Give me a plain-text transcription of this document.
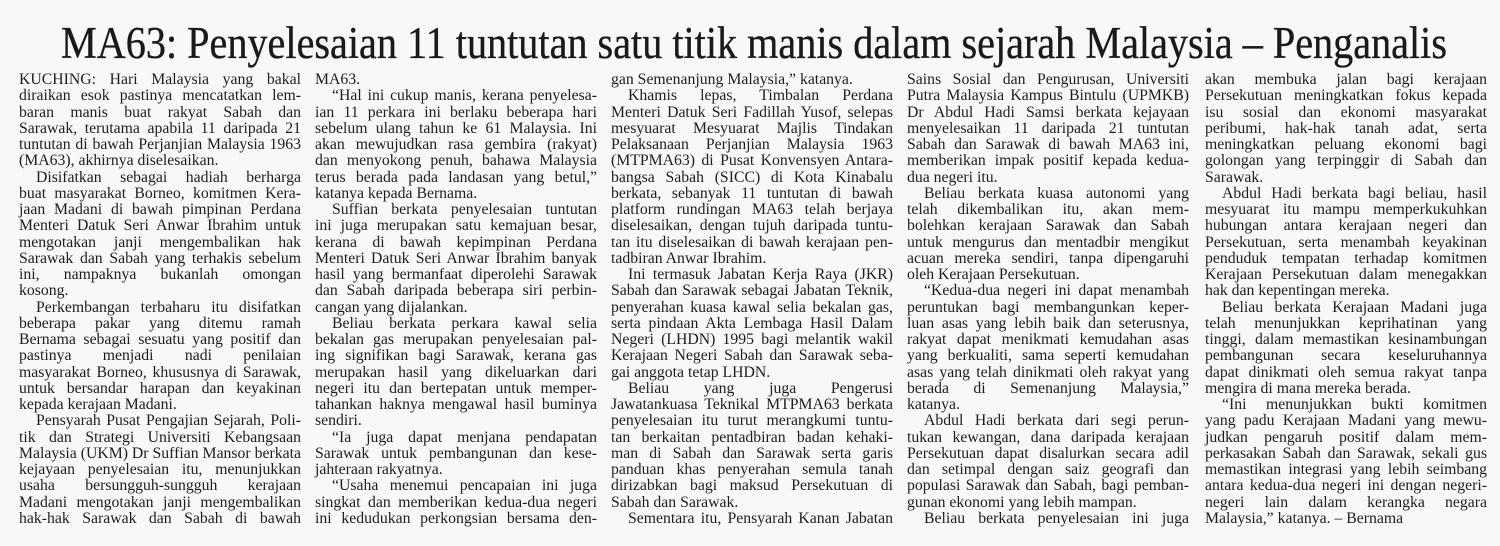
MA63: Penyelesaian 11 tuntutan satu titik manis dalam sejarah Malaysia – Penganalis
KUCHING: Hari Malaysia yang bakal
diraikan esok pastinya mencatatkan lem-
baran manis buat rakyat Sabah dan
Sarawak, terutama apabila 11 daripada 21
tuntutan di bawah Perjanjian Malaysia 1963
(MA63), akhirnya diselesaikan.
Disifatkan sebagai hadiah berharga
buat masyarakat Borneo, komitmen Kera-
jaan Madani di bawah pimpinan Perdana
Menteri Datuk Seri Anwar Ibrahim untuk
mengotakan janji mengembalikan hak
Sarawak dan Sabah yang terhakis sebelum
ini, nampaknya bukanlah omongan
kosong.
Perkembangan terbaharu itu disifatkan
beberapa pakar yang ditemu ramah
Bernama sebagai sesuatu yang positif dan
pastinya menjadi nadi penilaian
masyarakat Borneo, khususnya di Sarawak,
untuk bersandar harapan dan keyakinan
kepada kerajaan Madani.
Pensyarah Pusat Pengajian Sejarah, Poli-
tik dan Strategi Universiti Kebangsaan
Malaysia (UKM) Dr Suffian Mansor berkata
kejayaan penyelesaian itu, menunjukkan
usaha bersungguh-sungguh kerajaan
Madani mengotakan janji mengembalikan
hak-hak Sarawak dan Sabah di bawah
MA63.
“Hal ini cukup manis, kerana penyelesa-
ian 11 perkara ini berlaku beberapa hari
sebelum ulang tahun ke 61 Malaysia. Ini
akan mewujudkan rasa gembira (rakyat)
dan menyokong penuh, bahawa Malaysia
terus berada pada landasan yang betul,”
katanya kepada Bernama.
Suffian berkata penyelesaian tuntutan
ini juga merupakan satu kemajuan besar,
kerana di bawah kepimpinan Perdana
Menteri Datuk Seri Anwar Ibrahim banyak
hasil yang bermanfaat diperolehi Sarawak
dan Sabah daripada beberapa siri perbin-
cangan yang dijalankan.
Beliau berkata perkara kawal selia
bekalan gas merupakan penyelesaian pal-
ing signifikan bagi Sarawak, kerana gas
merupakan hasil yang dikeluarkan dari
negeri itu dan bertepatan untuk memper-
tahankan haknya mengawal hasil buminya
sendiri.
“Ia juga dapat menjana pendapatan
Sarawak untuk pembangunan dan kese-
jahteraan rakyatnya.
“Usaha menemui pencapaian ini juga
singkat dan memberikan kedua-dua negeri
ini kedudukan perkongsian bersama den-
gan Semenanjung Malaysia,” katanya.
Khamis lepas, Timbalan Perdana
Menteri Datuk Seri Fadillah Yusof, selepas
mesyuarat Mesyuarat Majlis Tindakan
Pelaksanaan Perjanjian Malaysia 1963
(MTPMA63) di Pusat Konvensyen Antara-
bangsa Sabah (SICC) di Kota Kinabalu
berkata, sebanyak 11 tuntutan di bawah
platform rundingan MA63 telah berjaya
diselesaikan, dengan tujuh daripada tuntu-
tan itu diselesaikan di bawah kerajaan pen-
tadbiran Anwar Ibrahim.
Ini termasuk Jabatan Kerja Raya (JKR)
Sabah dan Sarawak sebagai Jabatan Teknik,
penyerahan kuasa kawal selia bekalan gas,
serta pindaan Akta Lembaga Hasil Dalam
Negeri (LHDN) 1995 bagi melantik wakil
Kerajaan Negeri Sabah dan Sarawak seba-
gai anggota tetap LHDN.
Beliau yang juga Pengerusi
Jawatankuasa Teknikal MTPMA63 berkata
penyelesaian itu turut merangkumi tuntu-
tan berkaitan pentadbiran badan kehaki-
man di Sabah dan Sarawak serta garis
panduan khas penyerahan semula tanah
dirizabkan bagi maksud Persekutuan di
Sabah dan Sarawak.
Sementara itu, Pensyarah Kanan Jabatan
Sains Sosial dan Pengurusan, Universiti
Putra Malaysia Kampus Bintulu (UPMKB)
Dr Abdul Hadi Samsi berkata kejayaan
menyelesaikan 11 daripada 21 tuntutan
Sabah dan Sarawak di bawah MA63 ini,
memberikan impak positif kepada kedua-
dua negeri itu.
Beliau berkata kuasa autonomi yang
telah dikembalikan itu, akan mem-
bolehkan kerajaan Sarawak dan Sabah
untuk mengurus dan mentadbir mengikut
acuan mereka sendiri, tanpa dipengaruhi
oleh Kerajaan Persekutuan.
“Kedua-dua negeri ini dapat menambah
peruntukan bagi membangunkan keper-
luan asas yang lebih baik dan seterusnya,
rakyat dapat menikmati kemudahan asas
yang berkualiti, sama seperti kemudahan
asas yang telah dinikmati oleh rakyat yang
berada di Semenanjung Malaysia,”
katanya.
Abdul Hadi berkata dari segi perun-
tukan kewangan, dana daripada kerajaan
Persekutuan dapat disalurkan secara adil
dan setimpal dengan saiz geografi dan
populasi Sarawak dan Sabah, bagi pemban-
gunan ekonomi yang lebih mampan.
Beliau berkata penyelesaian ini juga
akan membuka jalan bagi kerajaan
Persekutuan meningkatkan fokus kepada
isu sosial dan ekonomi masyarakat
peribumi, hak-hak tanah adat, serta
meningkatkan peluang ekonomi bagi
golongan yang terpinggir di Sabah dan
Sarawak.
Abdul Hadi berkata bagi beliau, hasil
mesyuarat itu mampu memperkukuhkan
hubungan antara kerajaan negeri dan
Persekutuan, serta menambah keyakinan
penduduk tempatan terhadap komitmen
Kerajaan Persekutuan dalam menegakkan
hak dan kepentingan mereka.
Beliau berkata Kerajaan Madani juga
telah menunjukkan keprihatinan yang
tinggi, dalam memastikan kesinambungan
pembangunan secara keseluruhannya
dapat dinikmati oleh semua rakyat tanpa
mengira di mana mereka berada.
“Ini menunjukkan bukti komitmen
yang padu Kerajaan Madani yang mewu-
judkan pengaruh positif dalam mem-
perkasakan Sabah dan Sarawak, sekali gus
memastikan integrasi yang lebih seimbang
antara kedua-dua negeri ini dengan negeri-
negeri lain dalam kerangka negara
Malaysia,” katanya. – Bernama
